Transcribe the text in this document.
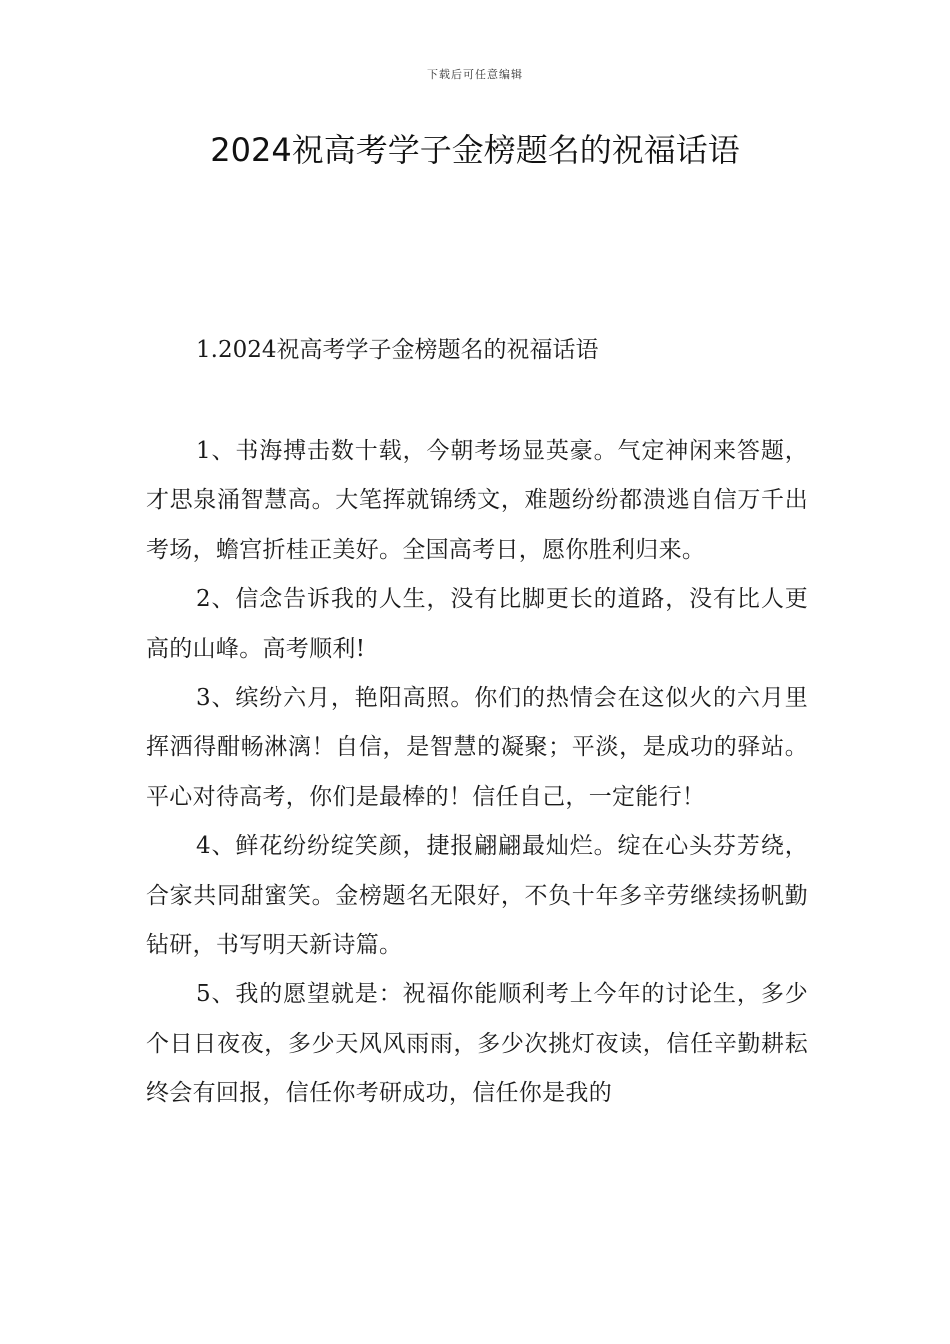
下载后可任意编辑
2024祝高考学子金榜题名的祝福话语
1.2024祝高考学子金榜题名的祝福话语

1、书海搏击数十载，今朝考场显英豪。气定神闲来答题，才思泉涌智慧高。大笔挥就锦绣文，难题纷纷都溃逃自信万千出考场，蟾宫折桂正美好。全国高考日，愿你胜利归来。

2、信念告诉我的人生，没有比脚更长的道路，没有比人更高的山峰。高考顺利!

3、缤纷六月，艳阳高照。你们的热情会在这似火的六月里挥洒得酣畅淋漓！自信，是智慧的凝聚；平淡，是成功的驿站。平心对待高考，你们是最棒的！信任自己，一定能行！

4、鲜花纷纷绽笑颜，捷报翩翩最灿烂。绽在心头芬芳绕，合家共同甜蜜笑。金榜题名无限好，不负十年多辛劳继续扬帆勤钻研，书写明天新诗篇。

5、我的愿望就是：祝福你能顺利考上今年的讨论生，多少个日日夜夜，多少天风风雨雨，多少次挑灯夜读，信任辛勤耕耘终会有回报，信任你考研成功，信任你是我的
